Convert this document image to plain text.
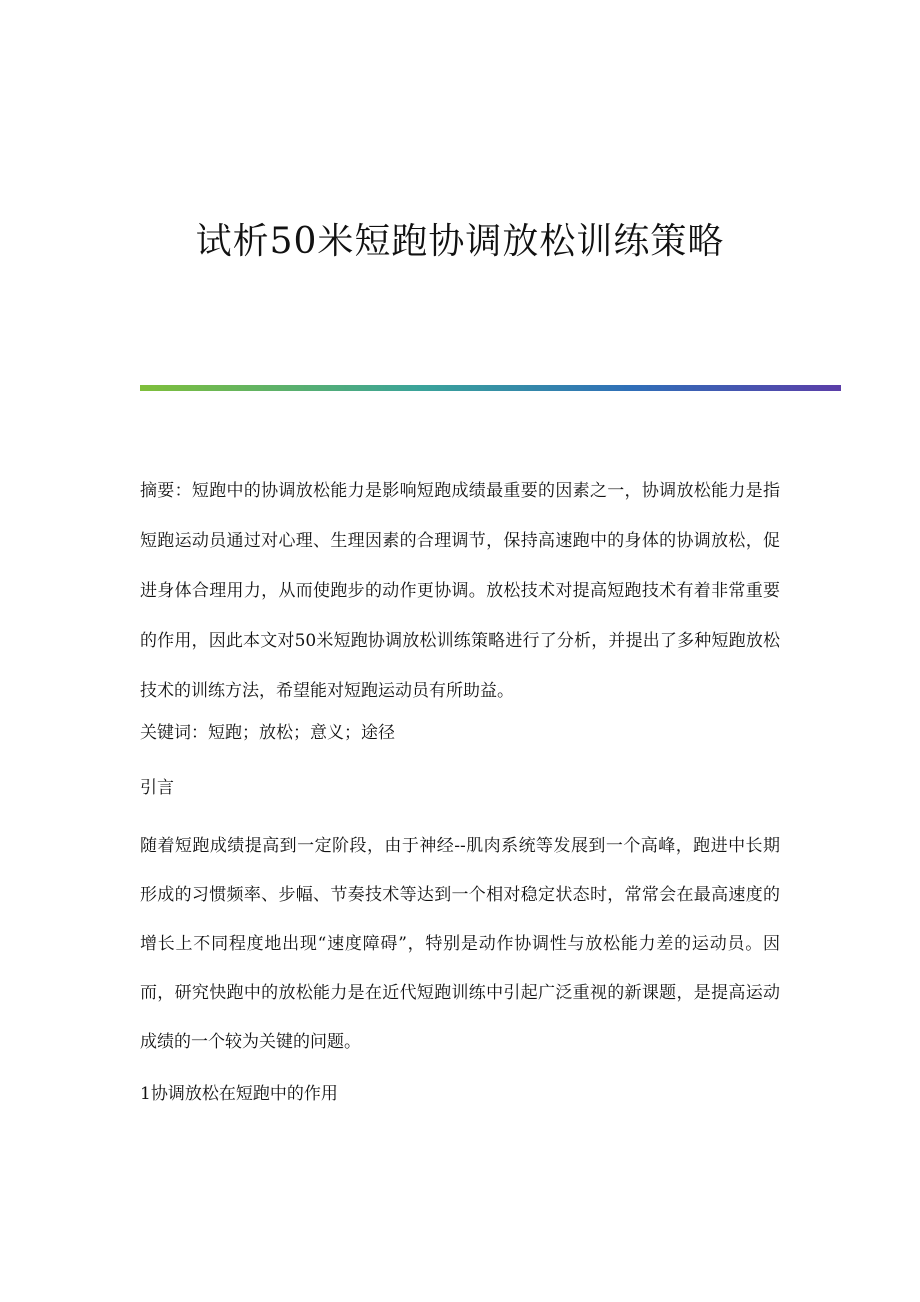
试析50米短跑协调放松训练策略

摘要：短跑中的协调放松能力是影响短跑成绩最重要的因素之一，协调放松能力是指短跑运动员通过对心理、生理因素的合理调节，保持高速跑中的身体的协调放松，促进身体合理用力，从而使跑步的动作更协调。放松技术对提高短跑技术有着非常重要的作用，因此本文对50米短跑协调放松训练策略进行了分析，并提出了多种短跑放松技术的训练方法，希望能对短跑运动员有所助益。

关键词：短跑；放松；意义；途径

引言

随着短跑成绩提高到一定阶段，由于神经--肌肉系统等发展到一个高峰，跑进中长期形成的习惯频率、步幅、节奏技术等达到一个相对稳定状态时，常常会在最高速度的增长上不同程度地出现“速度障碍”，特别是动作协调性与放松能力差的运动员。因而，研究快跑中的放松能力是在近代短跑训练中引起广泛重视的新课题，是提高运动成绩的一个较为关键的问题。

1协调放松在短跑中的作用
